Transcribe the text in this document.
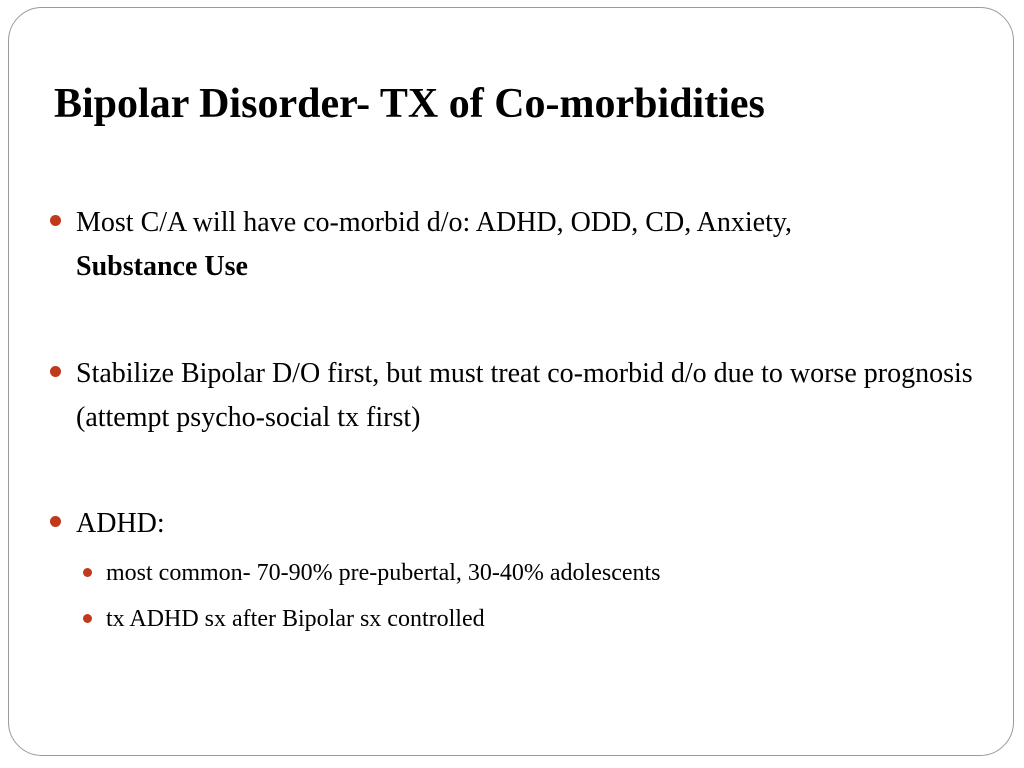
Bipolar Disorder- TX of Co-morbidities
Most C/A will have co-morbid d/o: ADHD, ODD, CD, Anxiety,
Substance Use
Stabilize Bipolar D/O first, but must treat co-morbid d/o due to worse prognosis (attempt psycho-social tx first)
ADHD:
most common- 70-90% pre-pubertal, 30-40% adolescents
tx ADHD sx after Bipolar sx controlled
